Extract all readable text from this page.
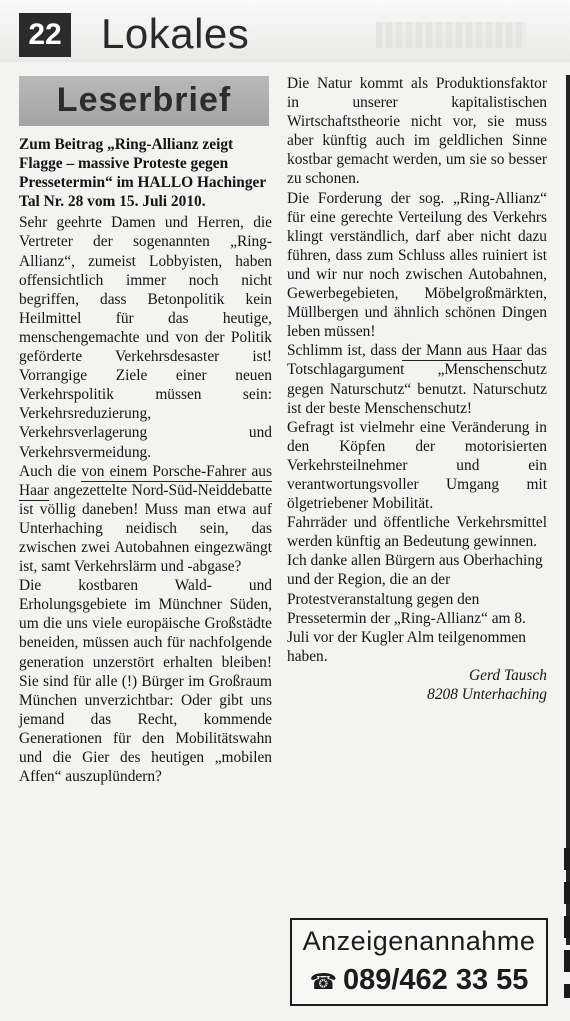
22 Lokales
Leserbrief

Zum Beitrag „Ring-Allianz zeigt Flagge – massive Proteste gegen Pressetermin“ im HALLO Hachinger Tal Nr. 28 vom 15. Juli 2010.

Sehr geehrte Damen und Herren, die Vertreter der sogenannten „Ring-Allianz“, zumeist Lobbyisten, haben offensichtlich immer noch nicht begriffen, dass Betonpolitik kein Heilmittel für das heutige, menschengemachte und von der Politik geförderte Verkehrsdesaster ist! Vorrangige Ziele einer neuen Verkehrspolitik müssen sein: Verkehrsreduzierung, Verkehrsverlagerung und Verkehrsvermeidung.

Auch die von einem Porsche-Fahrer aus Haar angezettelte Nord-Süd-Neiddebatte ist völlig daneben! Muss man etwa auf Unterhaching neidisch sein, das zwischen zwei Autobahnen eingezwängt ist, samt Verkehrslärm und -abgase?

Die kostbaren Wald- und Erholungsgebiete im Münchner Süden, um die uns viele europäische Großstädte beneiden, müssen auch für nachfolgende generation unzerstört erhalten bleiben! Sie sind für alle (!) Bürger im Großraum München unverzichtbar: Oder gibt uns jemand das Recht, kommende Generationen für den Mobilitätswahn und die Gier des heutigen „mobilen Affen“ auszuplündern?

Die Natur kommt als Produktionsfaktor in unserer kapitalistischen Wirtschaftstheorie nicht vor, sie muss aber künftig auch im geldlichen Sinne kostbar gemacht werden, um sie so besser zu schonen.

Die Forderung der sog. „Ring-Allianz“ für eine gerechte Verteilung des Verkehrs klingt verständlich, darf aber nicht dazu führen, dass zum Schluss alles ruiniert ist und wir nur noch zwischen Autobahnen, Gewerbegebieten, Möbelgroßmärkten, Müllbergen und ähnlich schönen Dingen leben müssen!

Schlimm ist, dass der Mann aus Haar das Totschlagargument „Menschenschutz gegen Naturschutz“ benutzt. Naturschutz ist der beste Menschenschutz!

Gefragt ist vielmehr eine Veränderung in den Köpfen der motorisierten Verkehrsteilnehmer und ein verantwortungsvoller Umgang mit ölgetriebener Mobilität.

Fahrräder und öffentliche Verkehrsmittel werden künftig an Bedeutung gewinnen.

Ich danke allen Bürgern aus Oberhaching und der Region, die an der Protestveranstaltung gegen den Pressetermin der „Ring-Allianz“ am 8. Juli vor der Kugler Alm teilgenommen haben.

Gerd Tausch
8208 Unterhaching
Anzeigenannahme
☎ 089/462 33 55
